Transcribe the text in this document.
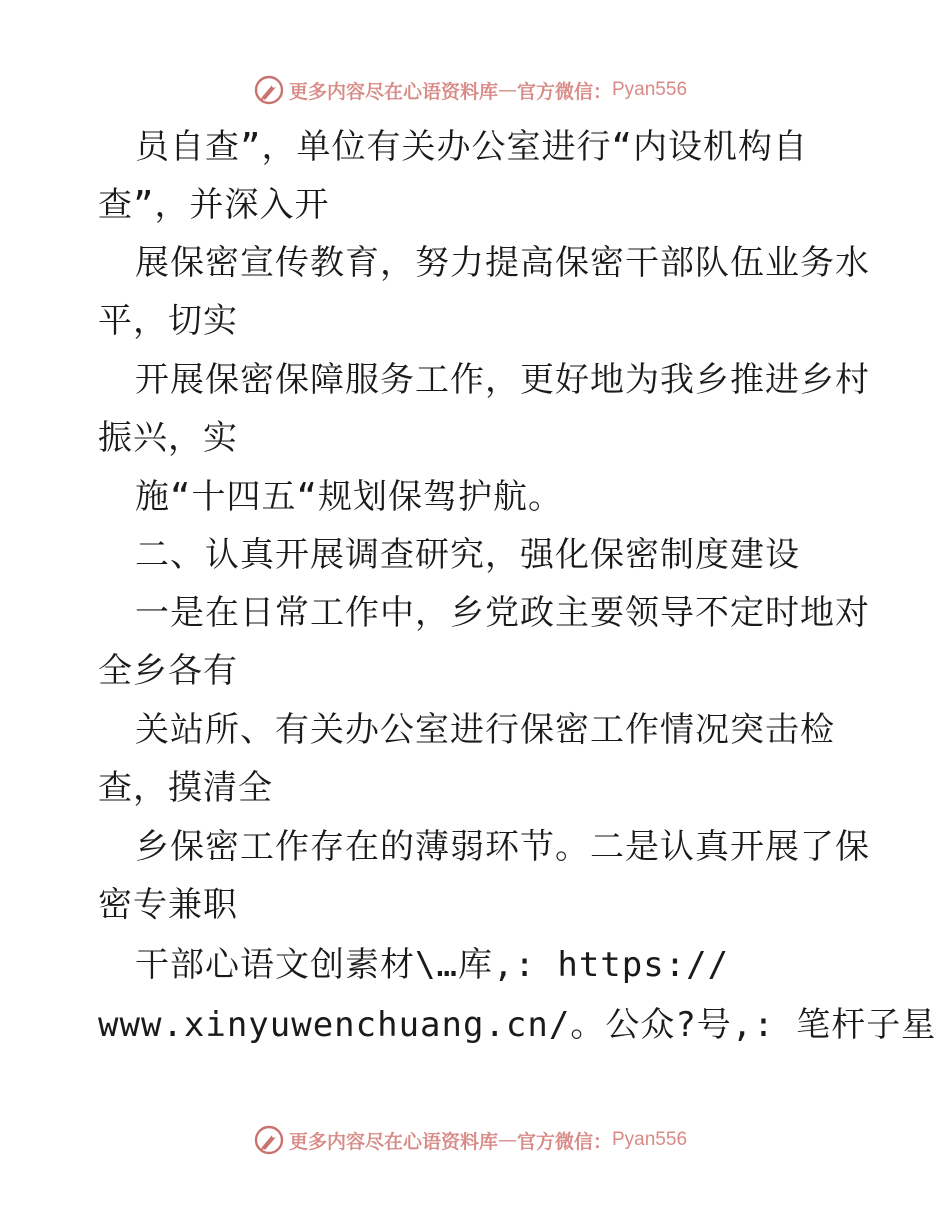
更多内容尽在心语资料库 — 官方微信： Pyan556
员自查”，单位有关办公室进行“内设机构自
查”，并深入开
展保密宣传教育，努力提高保密干部队伍业务水
平，切实
开展保密保障服务工作，更好地为我乡推进乡村
振兴，实
施“十四五“规划保驾护航。
二、认真开展调查研究，强化保密制度建设
一是在日常工作中，乡党政主要领导不定时地对
全乡各有
关站所、有关办公室进行保密工作情况突击检
查，摸清全
乡保密工作存在的薄弱环节。二是认真开展了保
密专兼职
干部心语文创素材\…库,: https://
www.xinyuwenchuang.cn/。公众?号,: 笔杆子星
更多内容尽在心语资料库 — 官方微信： Pyan556
